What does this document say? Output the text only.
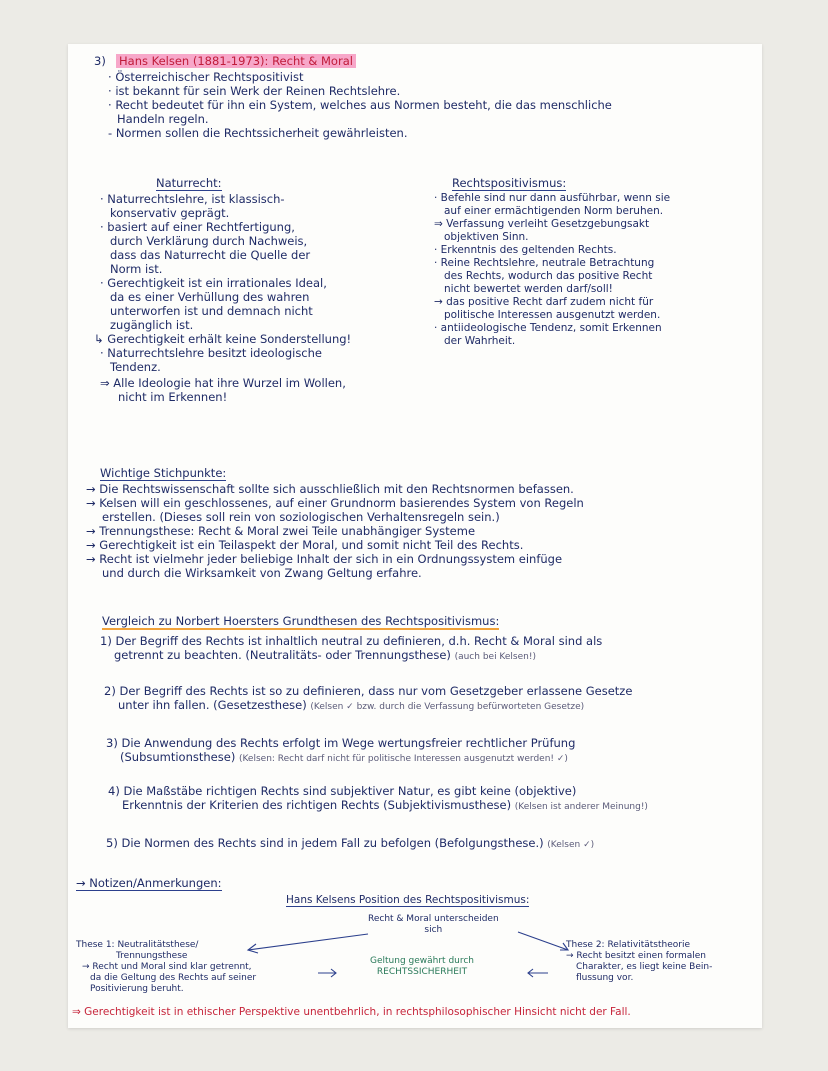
3) Hans Kelsen (1881-1973): Recht & Moral
· Österreichischer Rechtspositivist
· ist bekannt für sein Werk der Reinen Rechtslehre.
· Recht bedeutet für ihn ein System, welches aus Normen besteht, die das menschliche
Handeln regeln.
- Normen sollen die Rechtssicherheit gewährleisten.
Naturrecht:
· Naturrechtslehre, ist klassisch-
konservativ geprägt.
· basiert auf einer Rechtfertigung,
durch Verklärung durch Nachweis,
dass das Naturrecht die Quelle der
Norm ist.
· Gerechtigkeit ist ein irrationales Ideal,
da es einer Verhüllung des wahren
unterworfen ist und demnach nicht
zugänglich ist.
↳ Gerechtigkeit erhält keine Sonderstellung!
· Naturrechtslehre besitzt ideologische
Tendenz.
⇒ Alle Ideologie hat ihre Wurzel im Wollen,
nicht im Erkennen!
Rechtspositivismus:
· Befehle sind nur dann ausführbar, wenn sie
auf einer ermächtigenden Norm beruhen.
⇒ Verfassung verleiht Gesetzgebungsakt
objektiven Sinn.
· Erkenntnis des geltenden Rechts.
· Reine Rechtslehre, neutrale Betrachtung
des Rechts, wodurch das positive Recht
nicht bewertet werden darf/soll!
→ das positive Recht darf zudem nicht für
politische Interessen ausgenutzt werden.
· antiideologische Tendenz, somit Erkennen
der Wahrheit.
Wichtige Stichpunkte:
→ Die Rechtswissenschaft sollte sich ausschließlich mit den Rechtsnormen befassen.
→ Kelsen will ein geschlossenes, auf einer Grundnorm basierendes System von Regeln
erstellen. (Dieses soll rein von soziologischen Verhaltensregeln sein.)
→ Trennungsthese: Recht & Moral zwei Teile unabhängiger Systeme
→ Gerechtigkeit ist ein Teilaspekt der Moral, und somit nicht Teil des Rechts.
→ Recht ist vielmehr jeder beliebige Inhalt der sich in ein Ordnungssystem einfüge
und durch die Wirksamkeit von Zwang Geltung erfahre.
Vergleich zu Norbert Hoersters Grundthesen des Rechtspositivismus:
1) Der Begriff des Rechts ist inhaltlich neutral zu definieren, d.h. Recht & Moral sind als
getrennt zu beachten. (Neutralitäts- oder Trennungsthese) (auch bei Kelsen!)
2) Der Begriff des Rechts ist so zu definieren, dass nur vom Gesetzgeber erlassene Gesetze
unter ihn fallen. (Gesetzesthese) (Kelsen ✓ bzw. durch die Verfassung befürworteten Gesetze)
3) Die Anwendung des Rechts erfolgt im Wege wertungsfreier rechtlicher Prüfung
(Subsumtionsthese) (Kelsen: Recht darf nicht für politische Interessen ausgenutzt werden! ✓)
4) Die Maßstäbe richtigen Rechts sind subjektiver Natur, es gibt keine (objektive)
Erkenntnis der Kriterien des richtigen Rechts (Subjektivismusthese) (Kelsen ist anderer Meinung!)
5) Die Normen des Rechts sind in jedem Fall zu befolgen (Befolgungsthese.) (Kelsen ✓)
→ Notizen/Anmerkungen:
Hans Kelsens Position des Rechtspositivismus:
Recht & Moral unterscheiden
sich
These 1: Neutralitätsthese/
Trennungsthese
→ Recht und Moral sind klar getrennt,
da die Geltung des Rechts auf seiner
Positivierung beruht.
Geltung gewährt durch
RECHTSSICHERHEIT
These 2: Relativitätstheorie
→ Recht besitzt einen formalen
Charakter, es liegt keine Bein-
flussung vor.
⇒ Gerechtigkeit ist in ethischer Perspektive unentbehrlich, in rechtsphilosophischer Hinsicht nicht der Fall.
